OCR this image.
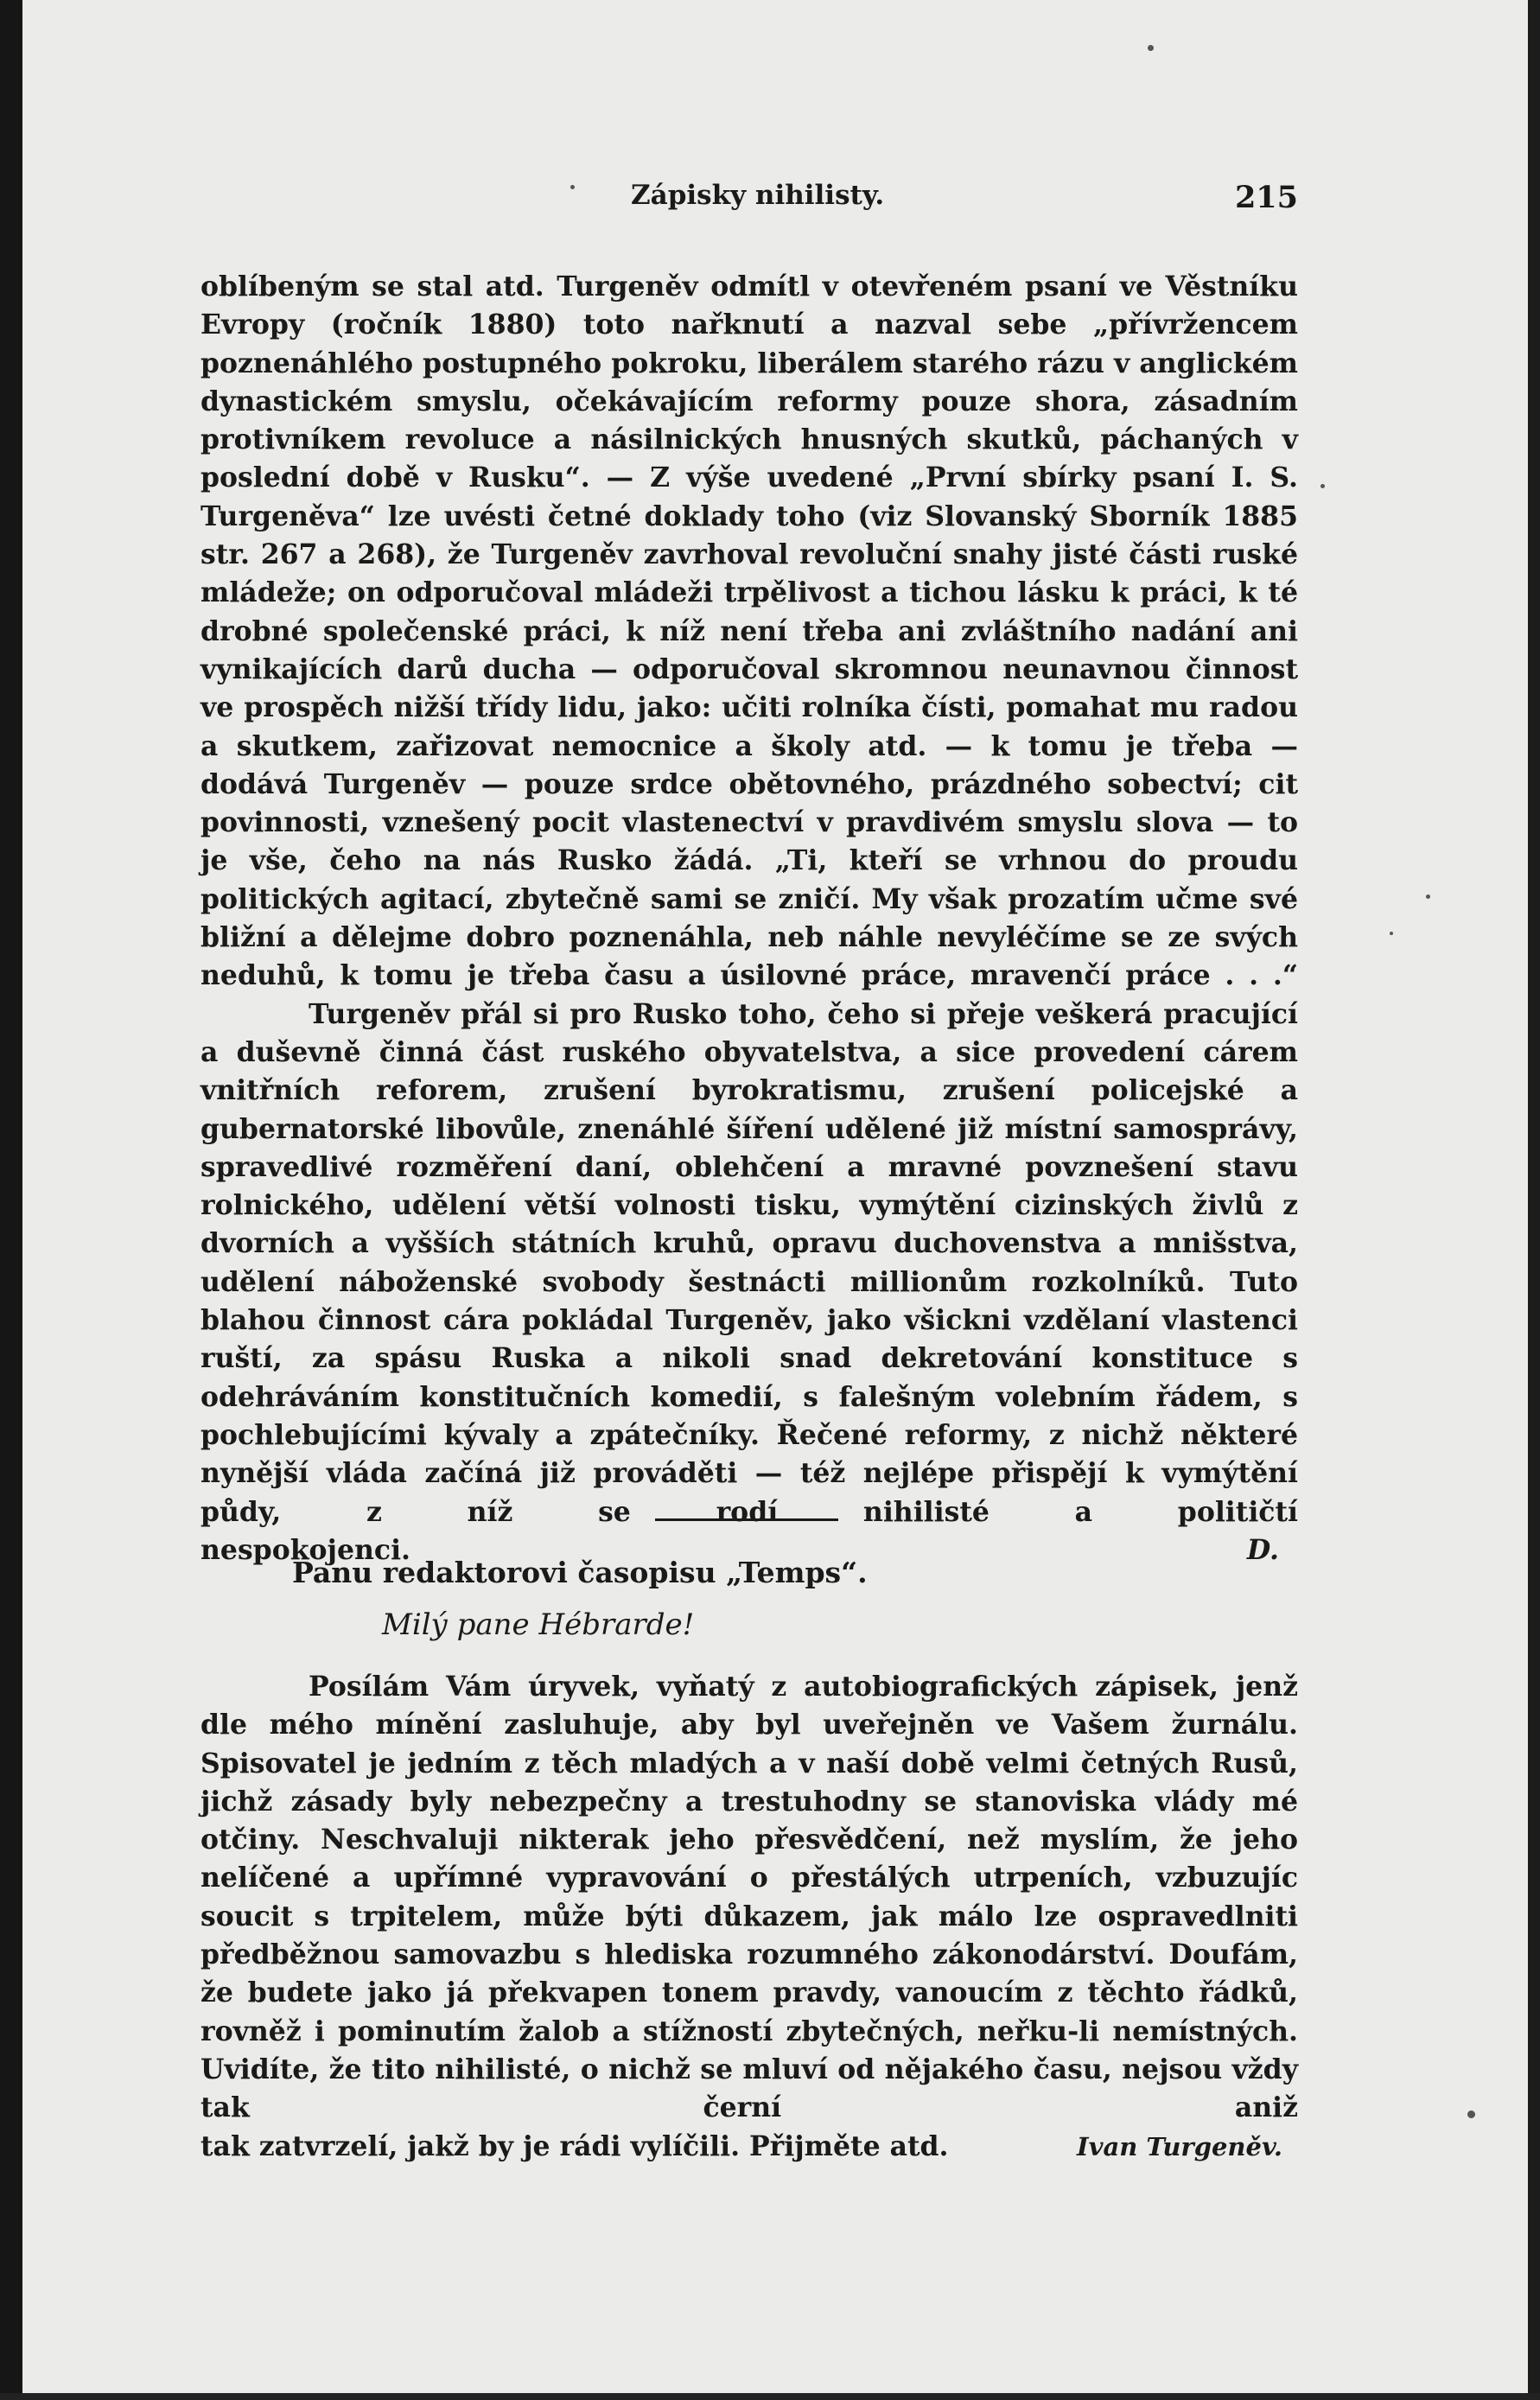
Zápisky nihilisty.	215

oblíbeným se stal atd. Turgeněv odmítl v otevřeném psaní ve Věstníku Evropy (ročník 1880) toto nařknutí a nazval sebe „přívržencem poznenáhlého postupného pokroku, liberálem starého rázu v anglickém dynastickém smyslu, očekávajícím reformy pouze shora, zásadním protivníkem revoluce a násilnických hnusných skutků, páchaných v poslední době v Rusku“. — Z výše uvedené „První sbírky psaní I. S. Turgeněva“ lze uvésti četné doklady toho (viz Slovanský Sborník 1885 str. 267 a 268), že Turgeněv zavrhoval revoluční snahy jisté části ruské mládeže; on odporučoval mládeži trpělivost a tichou lásku k práci, k té drobné společenské práci, k níž není třeba ani zvláštního nadání ani vynikajících darů ducha — odporučoval skromnou neunavnou činnost ve prospěch nižší třídy lidu, jako: učiti rolníka čísti, pomahat mu radou a skutkem, zařizovat nemocnice a školy atd. — k tomu je třeba — dodává Turgeněv — pouze srdce obětovného, prázdného sobectví; cit povinnosti, vznešený pocit vlastenectví v pravdivém smyslu slova — to je vše, čeho na nás Rusko žádá. „Ti, kteří se vrhnou do proudu politických agitací, zbytečně sami se zničí. My však prozatím učme své bližní a dělejme dobro poznenáhla, neb náhle nevyléčíme se ze svých neduhů, k tomu je třeba času a úsilovné práce, mravenčí práce . . .“

Turgeněv přál si pro Rusko toho, čeho si přeje veškerá pracující a duševně činná část ruského obyvatelstva, a sice provedení cárem vnitřních reforem, zrušení byrokratismu, zrušení policejské a gubernatorské libovůle, znenáhlé šíření udělené již místní samosprávy, spravedlivé rozměření daní, oblehčení a mravné povznešení stavu rolnického, udělení větší volnosti tisku, vymýtění cizinských živlů z dvorních a vyšších státních kruhů, opravu duchovenstva a mnišstva, udělení náboženské svobody šestnácti millionům rozkolníků. Tuto blahou činnost cára pokládal Turgeněv, jako všickni vzdělaní vlastenci ruští, za spásu Ruska a nikoli snad dekretování konstituce s odehráváním konstitučních komedií, s falešným volebním řádem, s pochlebujícími kývaly a zpátečníky. Řečené reformy, z nichž některé nynější vláda začíná již prováděti — též nejlépe přispějí k vymýtění půdy, z níž se rodí nihilisté a političtí

nespokojenci.	D.

Panu redaktorovi časopisu „Temps“.
Milý pane Hébrarde!

Posílám Vám úryvek, vyňatý z autobiografických zápisek, jenž dle mého mínění zasluhuje, aby byl uveřejněn ve Vašem žurnálu. Spisovatel je jedním z těch mladých a v naší době velmi četných Rusů, jichž zásady byly nebezpečny a trestuhodny se stanoviska vlády mé otčiny. Neschvaluji nikterak jeho přesvědčení, než myslím, že jeho nelíčené a upřímné vypravování o přestálých utrpeních, vzbuzujíc soucit s trpitelem, může býti důkazem, jak málo lze ospravedlniti předběžnou samovazbu s hlediska rozumného zákonodárství. Doufám, že budete jako já překvapen tonem pravdy, vanoucím z těchto řádků, rovněž i pominutím žalob a stížností zbytečných, neřku-li nemístných. Uvidíte, že tito nihilisté, o nichž se mluví od nějakého času, nejsou vždy tak černí aniž

tak zatvrzelí, jakž by je rádi vylíčili. Přijměte atd.	Ivan Turgeněv.
